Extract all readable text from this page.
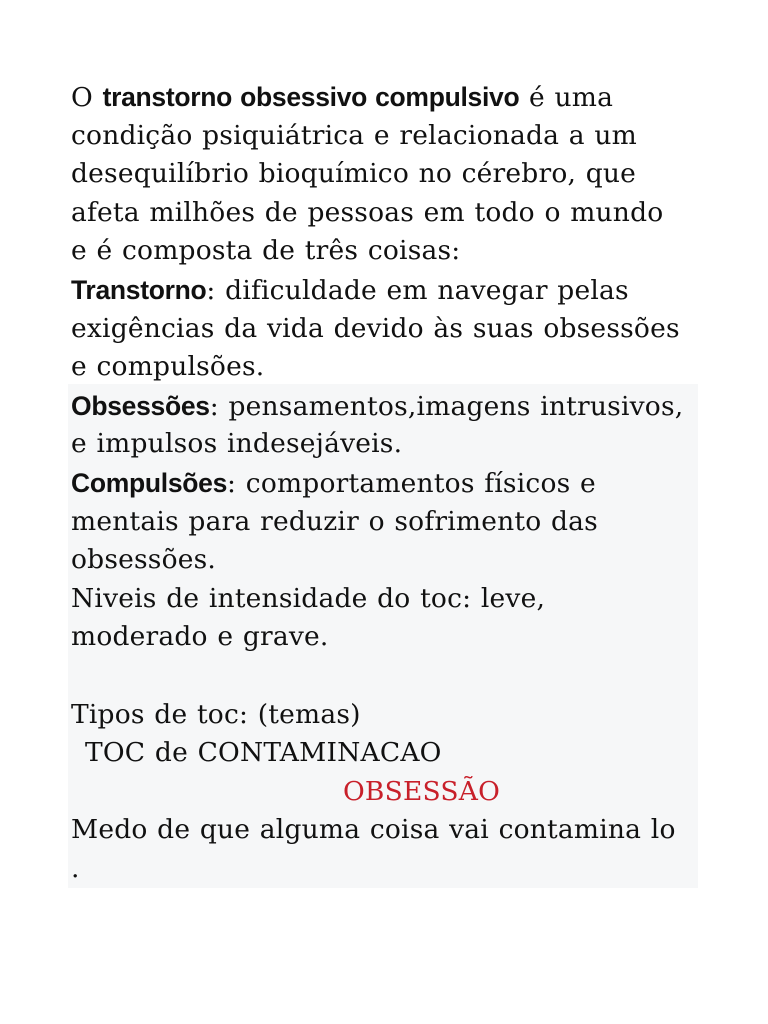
O transtorno obsessivo compulsivo é uma
condição psiquiátrica e relacionada a um
desequilíbrio bioquímico no cérebro, que
afeta milhões de pessoas em todo o mundo
e é composta de três coisas:
Transtorno: dificuldade em navegar pelas
exigências da vida devido às suas obsessões
e compulsões.
Obsessões: pensamentos,imagens intrusivos,
e impulsos indesejáveis.
Compulsões: comportamentos físicos e
mentais para reduzir o sofrimento das
obsessões.
Niveis de intensidade do toc: leve,
moderado e grave.
Tipos de toc: (temas)
TOC de CONTAMINACAO
OBSESSÃO
Medo de que alguma coisa vai contamina lo
.
